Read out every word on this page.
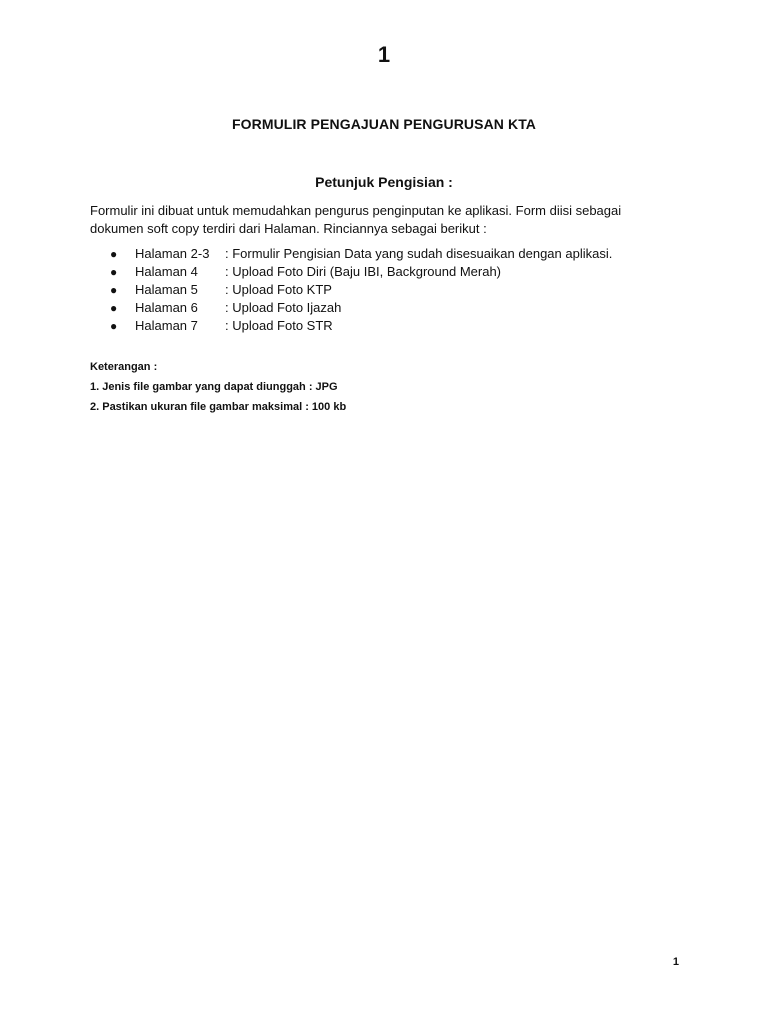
1
FORMULIR PENGAJUAN PENGURUSAN KTA
Petunjuk Pengisian :
Formulir ini dibuat untuk memudahkan pengurus penginputan ke aplikasi. Form diisi sebagai
dokumen soft copy terdiri dari Halaman. Rinciannya sebagai berikut :
● Halaman 2-3 : Formulir Pengisian Data yang sudah disesuaikan dengan aplikasi.
● Halaman 4 : Upload Foto Diri (Baju IBI, Background Merah)
● Halaman 5 : Upload Foto KTP
● Halaman 6 : Upload Foto Ijazah
● Halaman 7 : Upload Foto STR
Keterangan :
1. Jenis file gambar yang dapat diunggah : JPG
2. Pastikan ukuran file gambar maksimal : 100 kb
1
